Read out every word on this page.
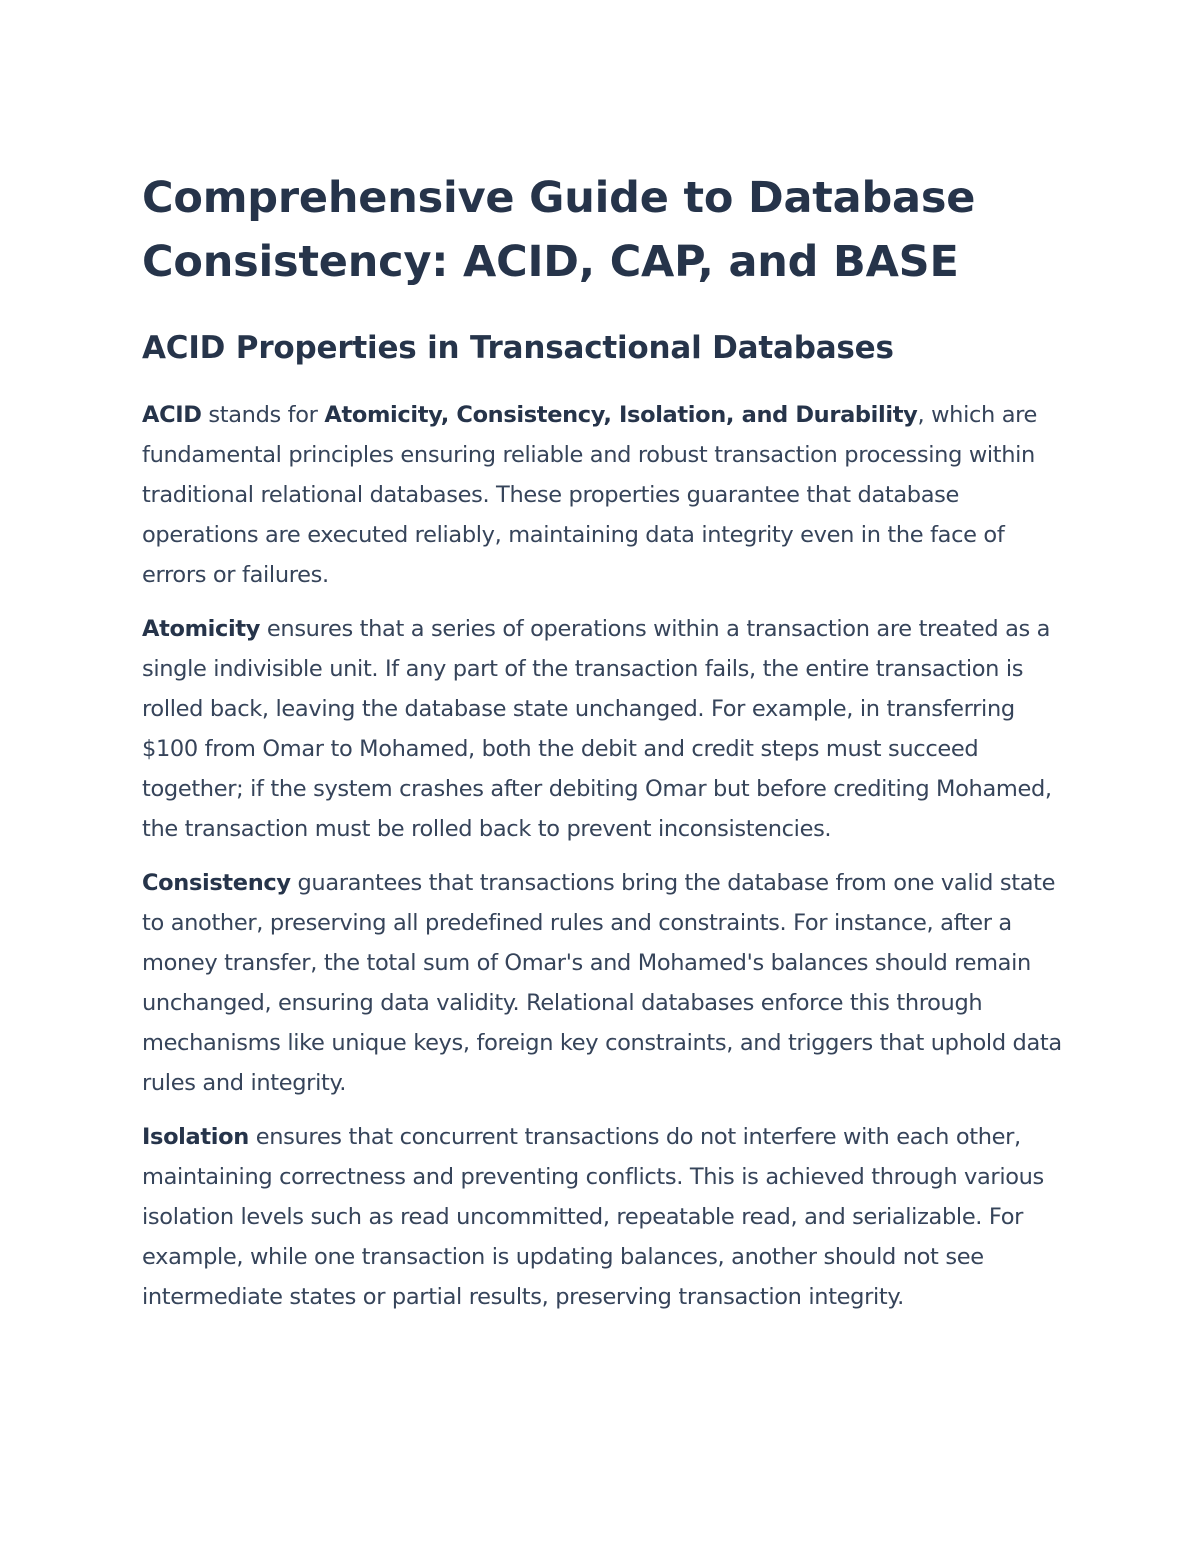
Comprehensive Guide to Database Consistency: ACID, CAP, and BASE
ACID Properties in Transactional Databases

ACID stands for Atomicity, Consistency, Isolation, and Durability, which are fundamental principles ensuring reliable and robust transaction processing within traditional relational databases. These properties guarantee that database operations are executed reliably, maintaining data integrity even in the face of errors or failures.

Atomicity ensures that a series of operations within a transaction are treated as a single indivisible unit. If any part of the transaction fails, the entire transaction is rolled back, leaving the database state unchanged. For example, in transferring $100 from Omar to Mohamed, both the debit and credit steps must succeed together; if the system crashes after debiting Omar but before crediting Mohamed, the transaction must be rolled back to prevent inconsistencies.

Consistency guarantees that transactions bring the database from one valid state to another, preserving all predefined rules and constraints. For instance, after a money transfer, the total sum of Omar's and Mohamed's balances should remain unchanged, ensuring data validity. Relational databases enforce this through mechanisms like unique keys, foreign key constraints, and triggers that uphold data rules and integrity.

Isolation ensures that concurrent transactions do not interfere with each other, maintaining correctness and preventing conflicts. This is achieved through various isolation levels such as read uncommitted, repeatable read, and serializable. For example, while one transaction is updating balances, another should not see intermediate states or partial results, preserving transaction integrity.
